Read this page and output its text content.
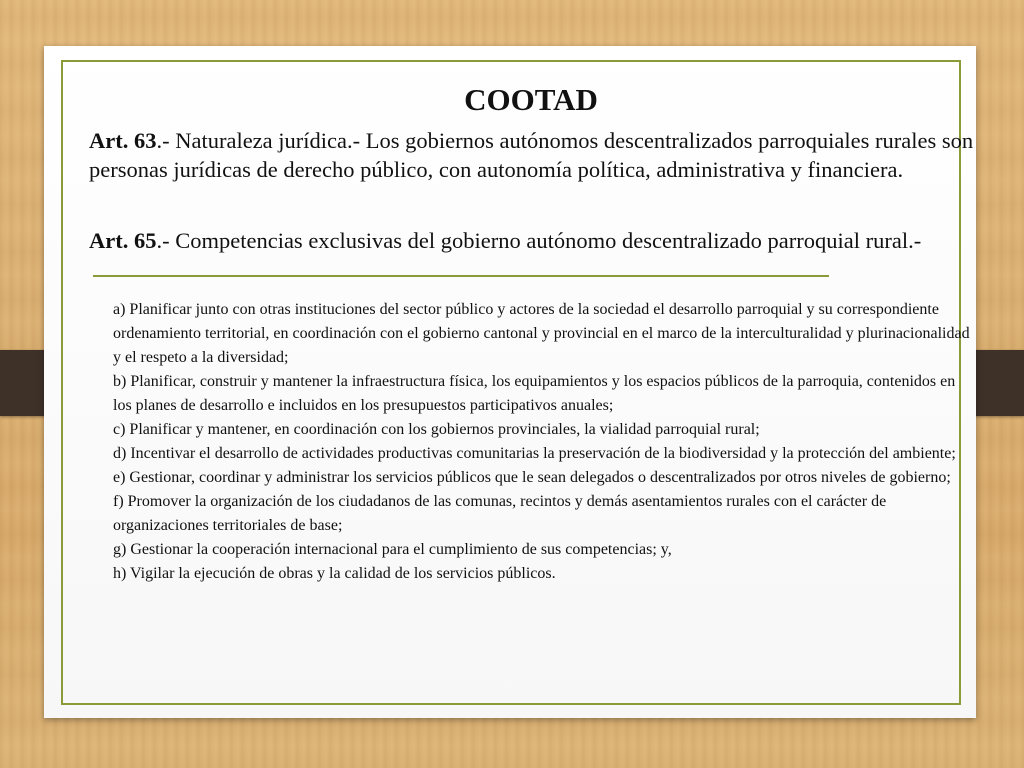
COOTAD
Art. 63.- Naturaleza jurídica.- Los gobiernos autónomos descentralizados parroquiales rurales son personas jurídicas de derecho público, con autonomía política, administrativa y financiera.
Art. 65.- Competencias exclusivas del gobierno autónomo descentralizado parroquial rural.-
a) Planificar junto con otras instituciones del sector público y actores de la sociedad el desarrollo parroquial y su correspondiente ordenamiento territorial, en coordinación con el gobierno cantonal y provincial en el marco de la interculturalidad y plurinacionalidad y el respeto a la diversidad;
b) Planificar, construir y mantener la infraestructura física, los equipamientos y los espacios públicos de la parroquia, contenidos en los planes de desarrollo e incluidos en los presupuestos participativos anuales;
c) Planificar y mantener, en coordinación con los gobiernos provinciales, la vialidad parroquial rural;
d) Incentivar el desarrollo de actividades productivas comunitarias la preservación de la biodiversidad y la protección del ambiente;
e) Gestionar, coordinar y administrar los servicios públicos que le sean delegados o descentralizados por otros niveles de gobierno;
f) Promover la organización de los ciudadanos de las comunas, recintos y demás asentamientos rurales con el carácter de organizaciones territoriales de base;
g) Gestionar la cooperación internacional para el cumplimiento de sus competencias; y,
h) Vigilar la ejecución de obras y la calidad de los servicios públicos.
